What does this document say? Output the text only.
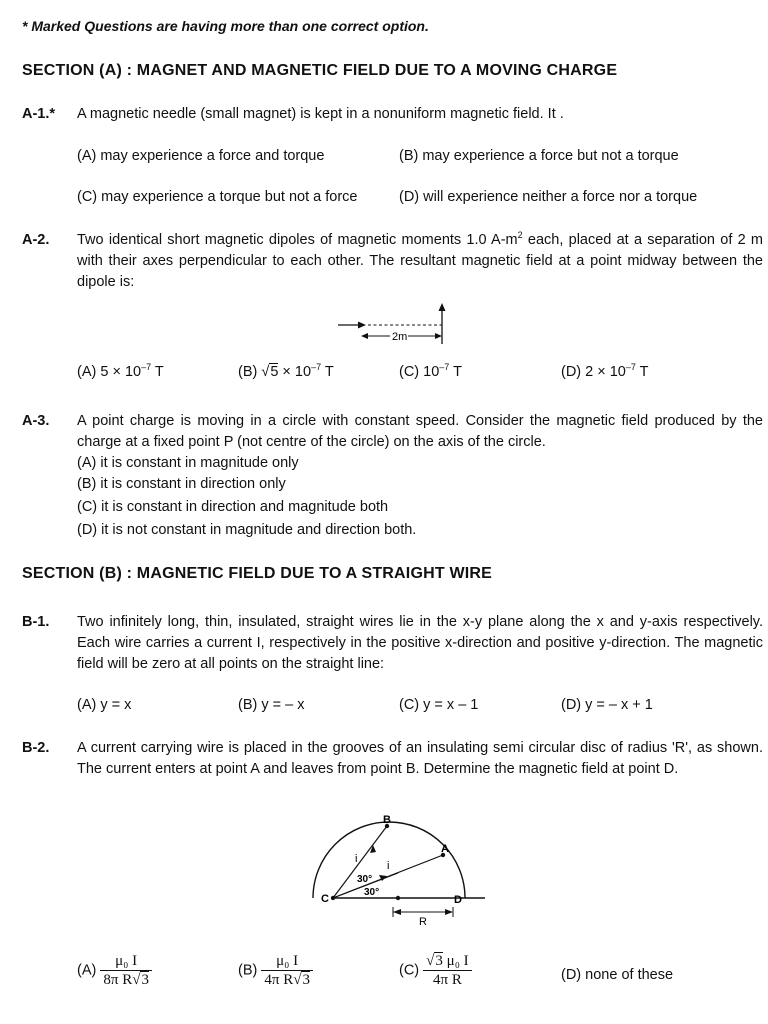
* Marked Questions are having more than one correct option.
SECTION (A) : MAGNET AND MAGNETIC FIELD DUE TO A MOVING CHARGE
A-1.* A magnetic needle (small magnet) is kept in a nonuniform magnetic field. It .
(A) may experience a force and torque	(B) may experience a force but not a torque
(C) may experience a torque but not a force	(D) will experience neither a force nor a torque
A-2. Two identical short magnetic dipoles of magnetic moments 1.0 $A-m^2$ each, placed at a separation of 2 m with their axes perpendicular to each other. The resultant magnetic field at a point midway between the dipole is:
2m
(A) $5 \times 10^{-7}$ T	(B) $√5 \times 10^{-7}$ T	(C) $10^{-7}$ T	(D) $2 \times 10^{-7}$ T
A-3. A point charge is moving in a circle with constant speed. Consider the magnetic field produced by the charge at a fixed point P (not centre of the circle) on the axis of the circle.
(A) it is constant in magnitude only
(B) it is constant in direction only
(C) it is constant in direction and magnitude both
(D) it is not constant in magnitude and direction both.
SECTION (B) : MAGNETIC FIELD DUE TO A STRAIGHT WIRE
B-1. Two infinitely long, thin, insulated, straight wires lie in the x-y plane along the x and y-axis respectively. Each wire carries a current I, respectively in the positive x-direction and positive y-direction. The magnetic field will be zero at all points on the straight line:
(A) y = x	(B) y = – x	(C) y = x – 1	(D) y = – x + 1
B-2. A current carrying wire is placed in the grooves of an insulating semi circular disc of radius 'R', as shown. The current enters at point A and leaves from point B. Determine the magnetic field at point D.
B
A
C	D
i
i
30°
30°
R
$(A) \frac{\text{μ₀ I}}{\text{8π R√3}}$	$(B) \frac{\text{μ₀ I}}{\text{4π R√3}}$	$(C) \frac{\text{√3 μ₀ I}}{\text{4π R}}$	(D) none of these
